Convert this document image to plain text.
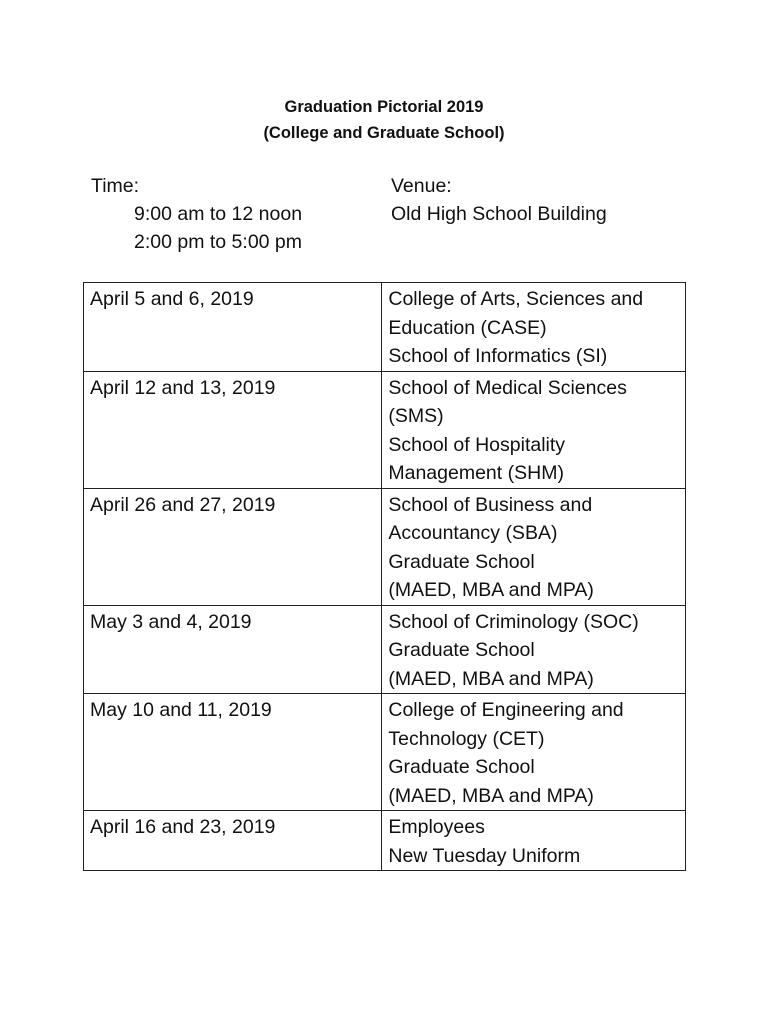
Graduation Pictorial 2019
(College and Graduate School)
Time:
9:00 am to 12 noon
2:00 pm to 5:00 pm
Venue:
Old High School Building
April 5 and 6, 2019	College of Arts, Sciences and
Education (CASE)
School of Informatics (SI)

April 12 and 13, 2019	School of Medical Sciences
(SMS)
School of Hospitality
Management (SHM)

April 26 and 27, 2019	School of Business and
Accountancy (SBA)
Graduate School
(MAED, MBA and MPA)

May 3 and 4, 2019	School of Criminology (SOC)
Graduate School
(MAED, MBA and MPA)

May 10 and 11, 2019	College of Engineering and
Technology (CET)
Graduate School
(MAED, MBA and MPA)

April 16 and 23, 2019	Employees
New Tuesday Uniform
